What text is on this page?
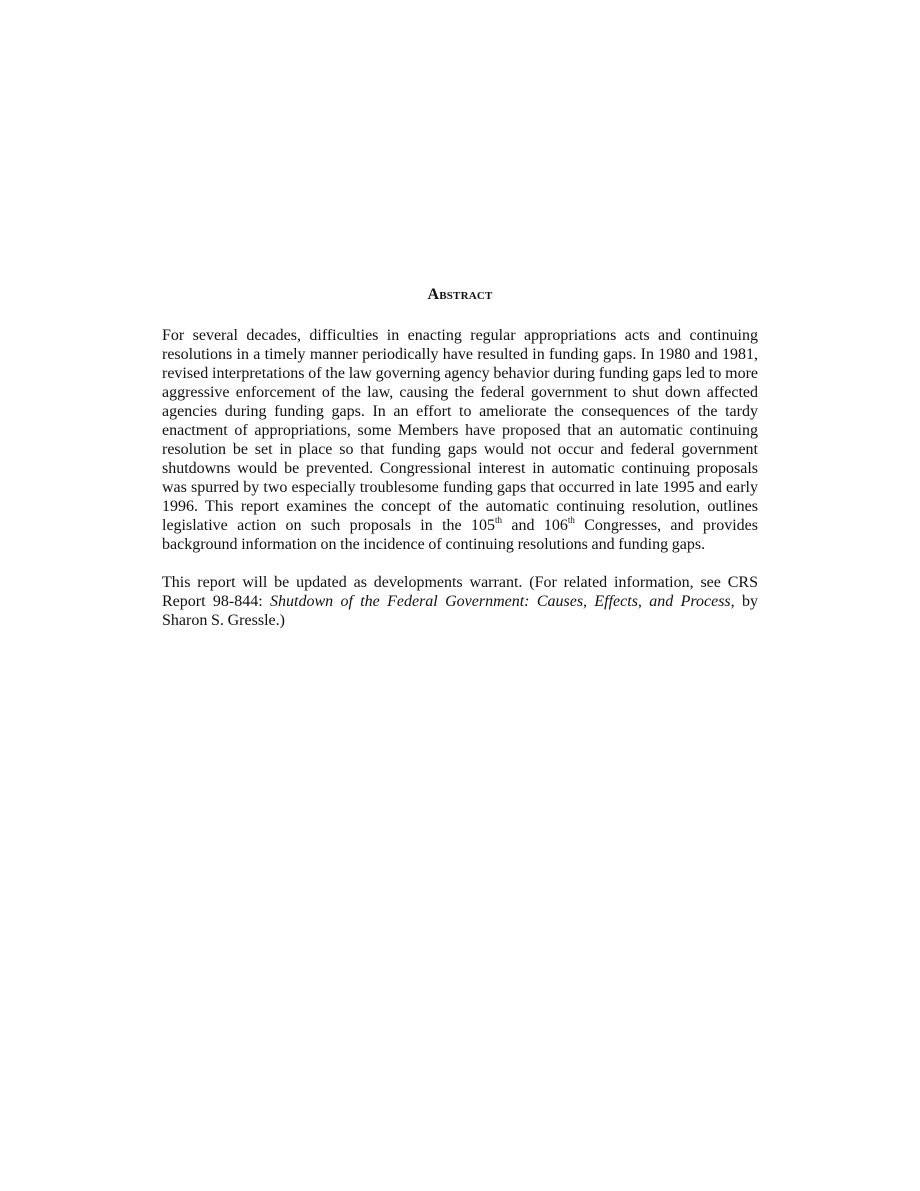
Abstract

For several decades, difficulties in enacting regular appropriations acts and continuing resolutions in a timely manner periodically have resulted in funding gaps. In 1980 and 1981, revised interpretations of the law governing agency behavior during funding gaps led to more aggressive enforcement of the law, causing the federal government to shut down affected agencies during funding gaps. In an effort to ameliorate the consequences of the tardy enactment of appropriations, some Members have proposed that an automatic continuing resolution be set in place so that funding gaps would not occur and federal government shutdowns would be prevented. Congressional interest in automatic continuing proposals was spurred by two especially troublesome funding gaps that occurred in late 1995 and early 1996. This report examines the concept of the automatic continuing resolution, outlines legislative action on such proposals in the 105th and 106th Congresses, and provides background information on the incidence of continuing resolutions and funding gaps.

This report will be updated as developments warrant. (For related information, see CRS Report 98-844: Shutdown of the Federal Government: Causes, Effects, and Process, by Sharon S. Gressle.)
